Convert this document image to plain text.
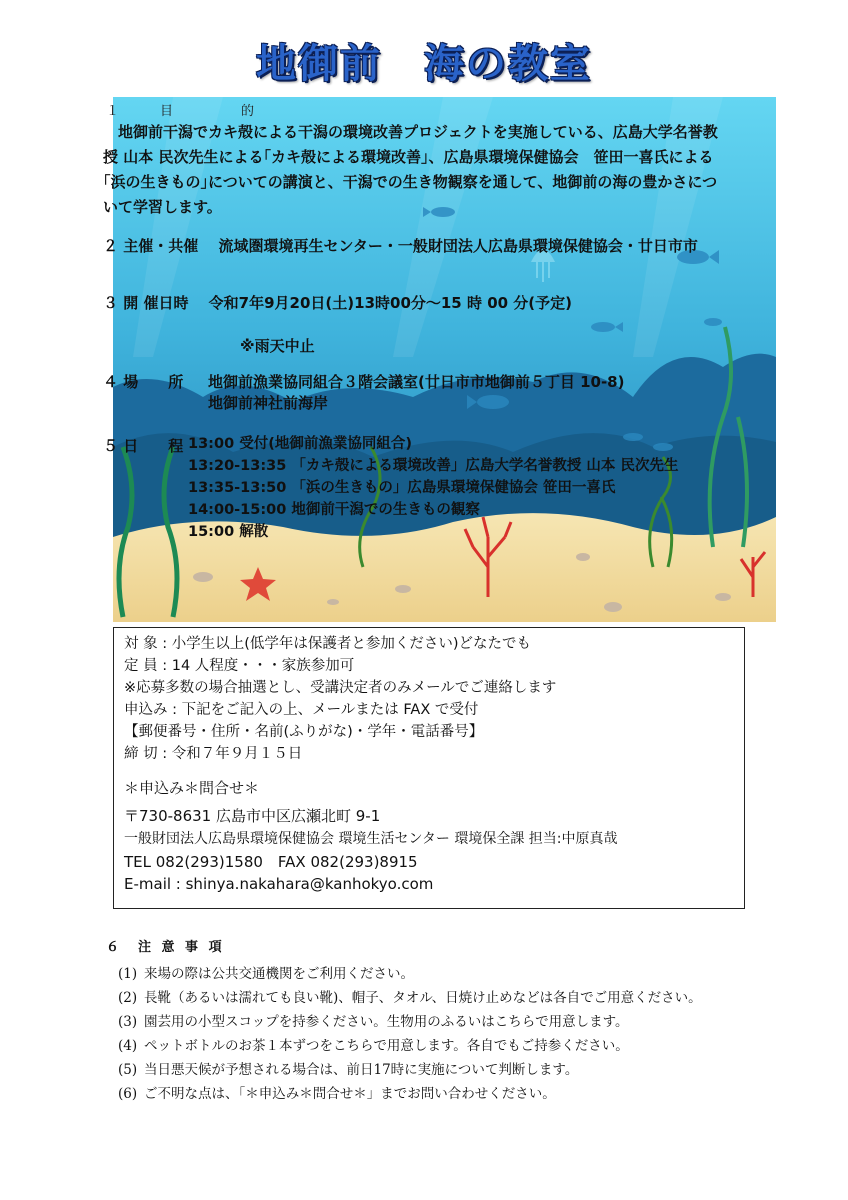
地御前　海の教室
１　目　　的
　地御前干潟でカキ殻による干潟の環境改善プロジェクトを実施している、広島大学名誉教
授 山本 民次先生による｢カキ殻による環境改善｣、広島県環境保健協会　笹田一喜氏による
｢浜の生きもの｣についての講演と、干潟での生き物観察を通して、地御前の海の豊かさにつ
いて学習します。
２ 主催・共催　 流域圏環境再生センター・一般財団法人広島県環境保健協会・廿日市市
３ 開 催日時　 令和7年9月20日(土)13時00分～15 時 00 分(予定)
※雨天中止
４ 場　　所 地御前漁業協同組合３階会議室(廿日市市地御前５丁目 10-8)
地御前神社前海岸
５ 日　　程 13:00 受付(地御前漁業協同組合)
13:20-13:35 「カキ殻による環境改善」広島大学名誉教授 山本 民次先生
13:35-13:50 「浜の生きもの」広島県環境保健協会 笹田一喜氏
14:00-15:00 地御前干潟での生きもの観察
15:00 解散
対 象 : 小学生以上(低学年は保護者と参加ください)どなたでも
定 員 : 14 人程度・・・家族参加可
※応募多数の場合抽選とし、受講決定者のみメールでご連絡します
申込み : 下記をご記入の上、メールまたは FAX で受付
【郵便番号・住所・名前(ふりがな)・学年・電話番号】
締 切 : 令和７年９月１５日
＊申込み＊問合せ＊
〒730-8631 広島市中区広瀬北町 9-1
一般財団法人広島県環境保健協会 環境生活センター 環境保全課 担当:中原真哉
TEL 082(293)1580　FAX 082(293)8915
E-mail : shinya.nakahara@kanhokyo.com
６　注 意 事 項
(1) 来場の際は公共交通機関をご利用ください。
(2) 長靴（あるいは濡れても良い靴)、帽子、タオル、日焼け止めなどは各自でご用意ください。
(3) 園芸用の小型スコップを持参ください。生物用のふるいはこちらで用意します。
(4) ペットボトルのお茶１本ずつをこちらで用意します。各自でもご持参ください。
(5) 当日悪天候が予想される場合は、前日17時に実施について判断します。
(6) ご不明な点は、「＊申込み＊問合せ＊」までお問い合わせください。
